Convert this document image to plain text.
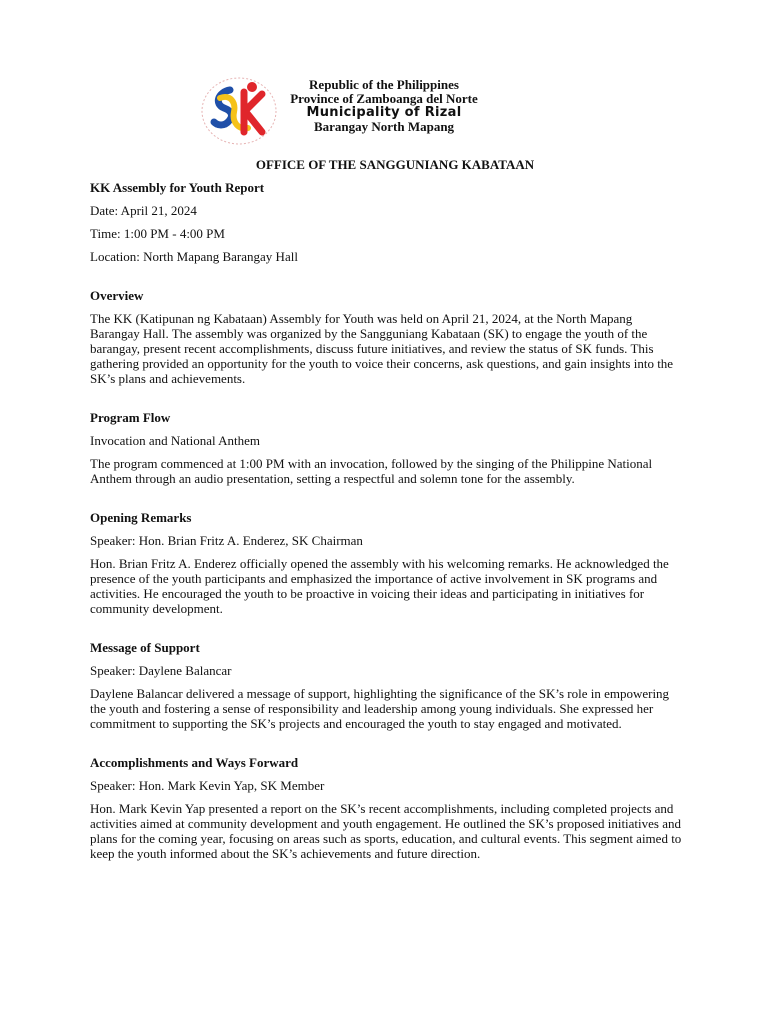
Republic of the Philippines
Province of Zamboanga del Norte
Municipality of Rizal
Barangay North Mapang
OFFICE OF THE SANGGUNIANG KABATAAN

KK Assembly for Youth Report

Date: April 21, 2024

Time: 1:00 PM - 4:00 PM

Location: North Mapang Barangay Hall

Overview

The KK (Katipunan ng Kabataan) Assembly for Youth was held on April 21, 2024, at the North Mapang Barangay Hall. The assembly was organized by the Sangguniang Kabataan (SK) to engage the youth of the barangay, present recent accomplishments, discuss future initiatives, and review the status of SK funds. This gathering provided an opportunity for the youth to voice their concerns, ask questions, and gain insights into the SK’s plans and achievements.

Program Flow

Invocation and National Anthem

The program commenced at 1:00 PM with an invocation, followed by the singing of the Philippine National Anthem through an audio presentation, setting a respectful and solemn tone for the assembly.

Opening Remarks

Speaker: Hon. Brian Fritz A. Enderez, SK Chairman

Hon. Brian Fritz A. Enderez officially opened the assembly with his welcoming remarks. He acknowledged the presence of the youth participants and emphasized the importance of active involvement in SK programs and activities. He encouraged the youth to be proactive in voicing their ideas and participating in initiatives for community development.

Message of Support

Speaker: Daylene Balancar

Daylene Balancar delivered a message of support, highlighting the significance of the SK’s role in empowering the youth and fostering a sense of responsibility and leadership among young individuals. She expressed her commitment to supporting the SK’s projects and encouraged the youth to stay engaged and motivated.

Accomplishments and Ways Forward

Speaker: Hon. Mark Kevin Yap, SK Member

Hon. Mark Kevin Yap presented a report on the SK’s recent accomplishments, including completed projects and activities aimed at community development and youth engagement. He outlined the SK’s proposed initiatives and plans for the coming year, focusing on areas such as sports, education, and cultural events. This segment aimed to keep the youth informed about the SK’s achievements and future direction.
